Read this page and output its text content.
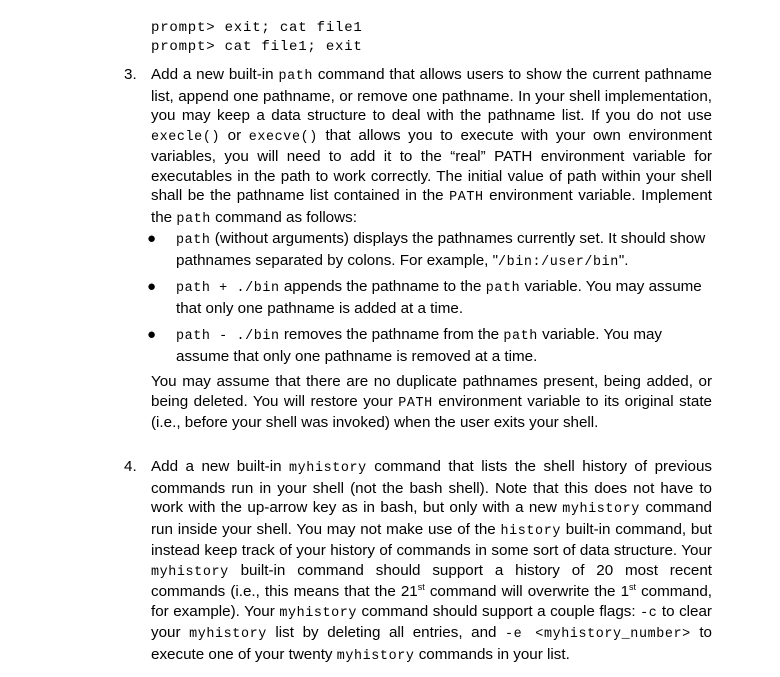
prompt> exit; cat file1
prompt> cat file1; exit
3. Add a new built-in path command that allows users to show the current pathname list, append one pathname, or remove one pathname. In your shell implementation, you may keep a data structure to deal with the pathname list. If you do not use execle() or execve() that allows you to execute with your own environment variables, you will need to add it to the “real” PATH environment variable for executables in the path to work correctly. The initial value of path within your shell shall be the pathname list contained in the PATH environment variable. Implement the path command as follows:

● path (without arguments) displays the pathnames currently set. It should show pathnames separated by colons. For example, "/bin:/user/bin".

● path + ./bin appends the pathname to the path variable. You may assume that only one pathname is added at a time.

● path - ./bin removes the pathname from the path variable. You may assume that only one pathname is removed at a time.

You may assume that there are no duplicate pathnames present, being added, or being deleted. You will restore your PATH environment variable to its original state (i.e., before your shell was invoked) when the user exits your shell.

4. Add a new built-in myhistory command that lists the shell history of previous commands run in your shell (not the bash shell). Note that this does not have to work with the up-arrow key as in bash, but only with a new myhistory command run inside your shell. You may not make use of the history built-in command, but instead keep track of your history of commands in some sort of data structure. Your myhistory built-in command should support a history of 20 most recent commands (i.e., this means that the 21st command will overwrite the 1st command, for example). Your myhistory command should support a couple flags: -c to clear your myhistory list by deleting all entries, and -e <myhistory_number> to execute one of your twenty myhistory commands in your list.
